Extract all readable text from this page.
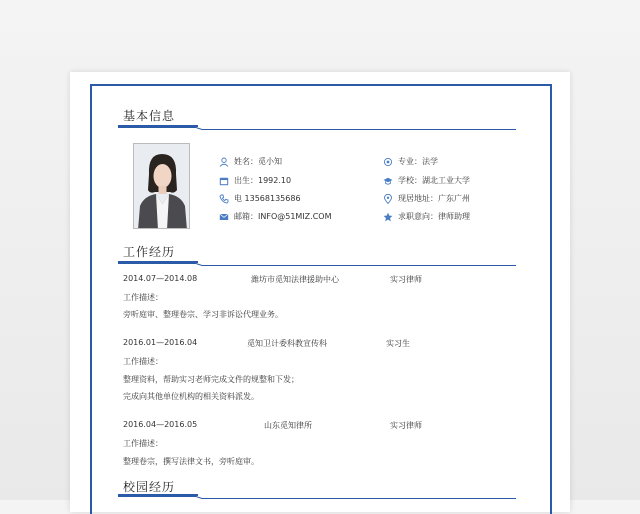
基本信息
姓名：觅小知
出生：1992.10
电 13568135686
邮箱：INFO@51MIZ.COM
专业：法学
学校：湖北工业大学
现居地址：广东广州
求职意向：律师助理
工作经历
2014.07—2014.08	潍坊市觅知法律援助中心	实习律师
工作描述：
旁听庭审、整理卷宗、学习非诉讼代理业务。
2016.01—2016.04	觅知卫计委科教宣传科	实习生
工作描述：
整理资料，帮助实习老师完成文件的规整和下发；
完成向其他单位机构的相关资料派发。
2016.04—2016.05	山东觅知律所	实习律师
工作描述：
整理卷宗，撰写法律文书，旁听庭审。
校园经历
